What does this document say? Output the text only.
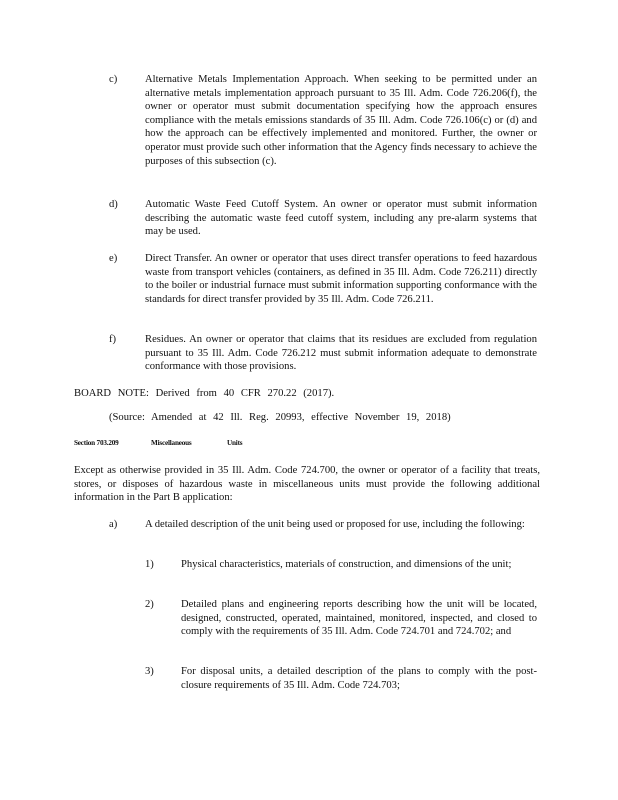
c)	Alternative Metals Implementation Approach. When seeking to be permitted under an alternative metals implementation approach pursuant to 35 Ill. Adm. Code 726.206(f), the owner or operator must submit documentation specifying how the approach ensures compliance with the metals emissions standards of 35 Ill. Adm. Code 726.106(c) or (d) and how the approach can be effectively implemented and monitored. Further, the owner or operator must provide such other information that the Agency finds necessary to achieve the purposes of this subsection (c).
d)	Automatic Waste Feed Cutoff System. An owner or operator must submit information describing the automatic waste feed cutoff system, including any pre-alarm systems that may be used.
e)	Direct Transfer. An owner or operator that uses direct transfer operations to feed hazardous waste from transport vehicles (containers, as defined in 35 Ill. Adm. Code 726.211) directly to the boiler or industrial furnace must submit information supporting conformance with the standards for direct transfer provided by 35 Ill. Adm. Code 726.211.
f)	Residues. An owner or operator that claims that its residues are excluded from regulation pursuant to 35 Ill. Adm. Code 726.212 must submit information adequate to demonstrate conformance with those provisions.
BOARD NOTE: Derived from 40 CFR 270.22 (2017).
(Source: Amended at 42 Ill. Reg. 20993, effective November 19, 2018)
Section 703.209	Miscellaneous	Units
Except as otherwise provided in 35 Ill. Adm. Code 724.700, the owner or operator of a facility that treats, stores, or disposes of hazardous waste in miscellaneous units must provide the following additional information in the Part B application:
a)	A detailed description of the unit being used or proposed for use, including the following:
1)	Physical characteristics, materials of construction, and dimensions of the unit;
2)	Detailed plans and engineering reports describing how the unit will be located, designed, constructed, operated, maintained, monitored, inspected, and closed to comply with the requirements of 35 Ill. Adm. Code 724.701 and 724.702; and
3)	For disposal units, a detailed description of the plans to comply with the post-closure requirements of 35 Ill. Adm. Code 724.703;
